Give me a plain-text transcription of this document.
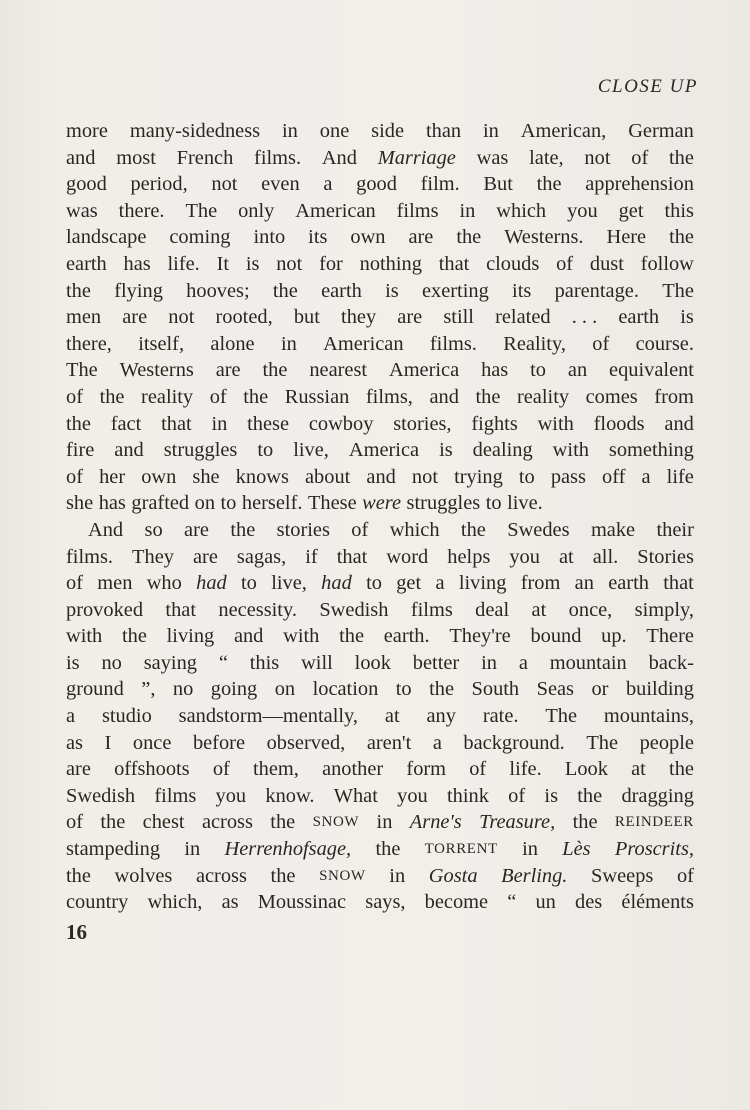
CLOSE UP
more many-sidedness in one side than in American, German
and most French films. And Marriage was late, not of the
good period, not even a good film. But the apprehension
was there. The only American films in which you get this
landscape coming into its own are the Westerns. Here the
earth has life. It is not for nothing that clouds of dust follow
the flying hooves; the earth is exerting its parentage. The
men are not rooted, but they are still related . . . earth is
there, itself, alone in American films. Reality, of course.
The Westerns are the nearest America has to an equivalent
of the reality of the Russian films, and the reality comes from
the fact that in these cowboy stories, fights with floods and
fire and struggles to live, America is dealing with something
of her own she knows about and not trying to pass off a life
she has grafted on to herself. These were struggles to live.
And so are the stories of which the Swedes make their
films. They are sagas, if that word helps you at all. Stories
of men who had to live, had to get a living from an earth that
provoked that necessity. Swedish films deal at once, simply,
with the living and with the earth. They're bound up. There
is no saying “ this will look better in a mountain back-
ground ”, no going on location to the South Seas or building
a studio sandstorm—mentally, at any rate. The mountains,
as I once before observed, aren't a background. The people
are offshoots of them, another form of life. Look at the
Swedish films you know. What you think of is the dragging
of the chest across the SNOW in Arne's Treasure, the REINDEER
stampeding in Herrenhofsage, the TORRENT in Lès Proscrits,
the wolves across the SNOW in Gosta Berling. Sweeps of
country which, as Moussinac says, become “ un des éléments
16
